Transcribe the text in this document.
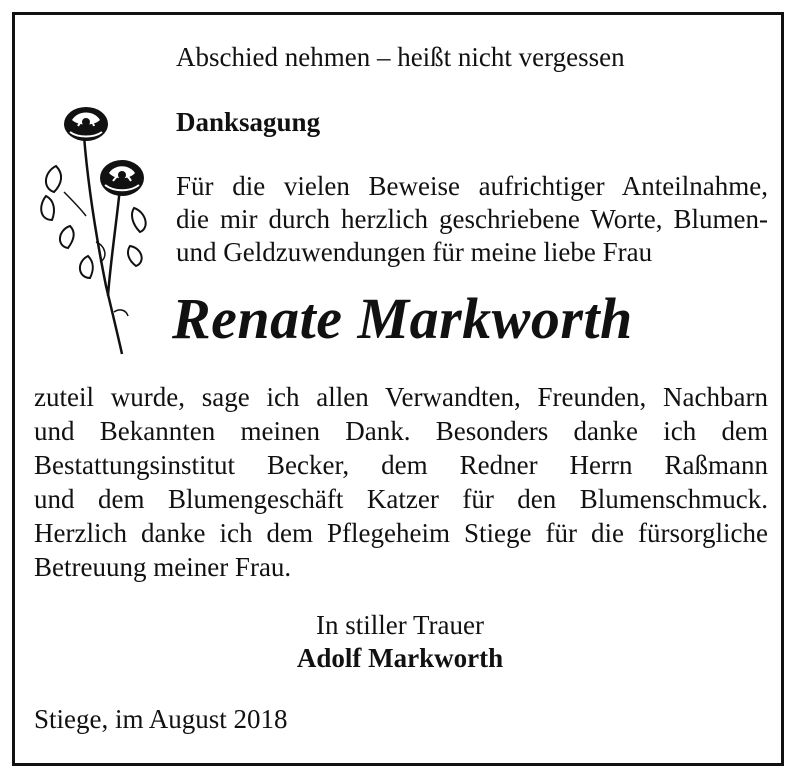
Abschied nehmen – heißt nicht vergessen

Danksagung

Für die vielen Beweise aufrichtiger Anteilnahme,
die mir durch herzlich geschriebene Worte, Blumen-
und Geldzuwendungen für meine liebe Frau

Renate Markworth

zuteil wurde, sage ich allen Verwandten, Freunden, Nachbarn
und Bekannten meinen Dank. Besonders danke ich dem
Bestattungsinstitut Becker, dem Redner Herrn Raßmann
und dem Blumengeschäft Katzer für den Blumenschmuck.
Herzlich danke ich dem Pflegeheim Stiege für die fürsorgliche
Betreuung meiner Frau.

In stiller Trauer

Adolf Markworth

Stiege, im August 2018
